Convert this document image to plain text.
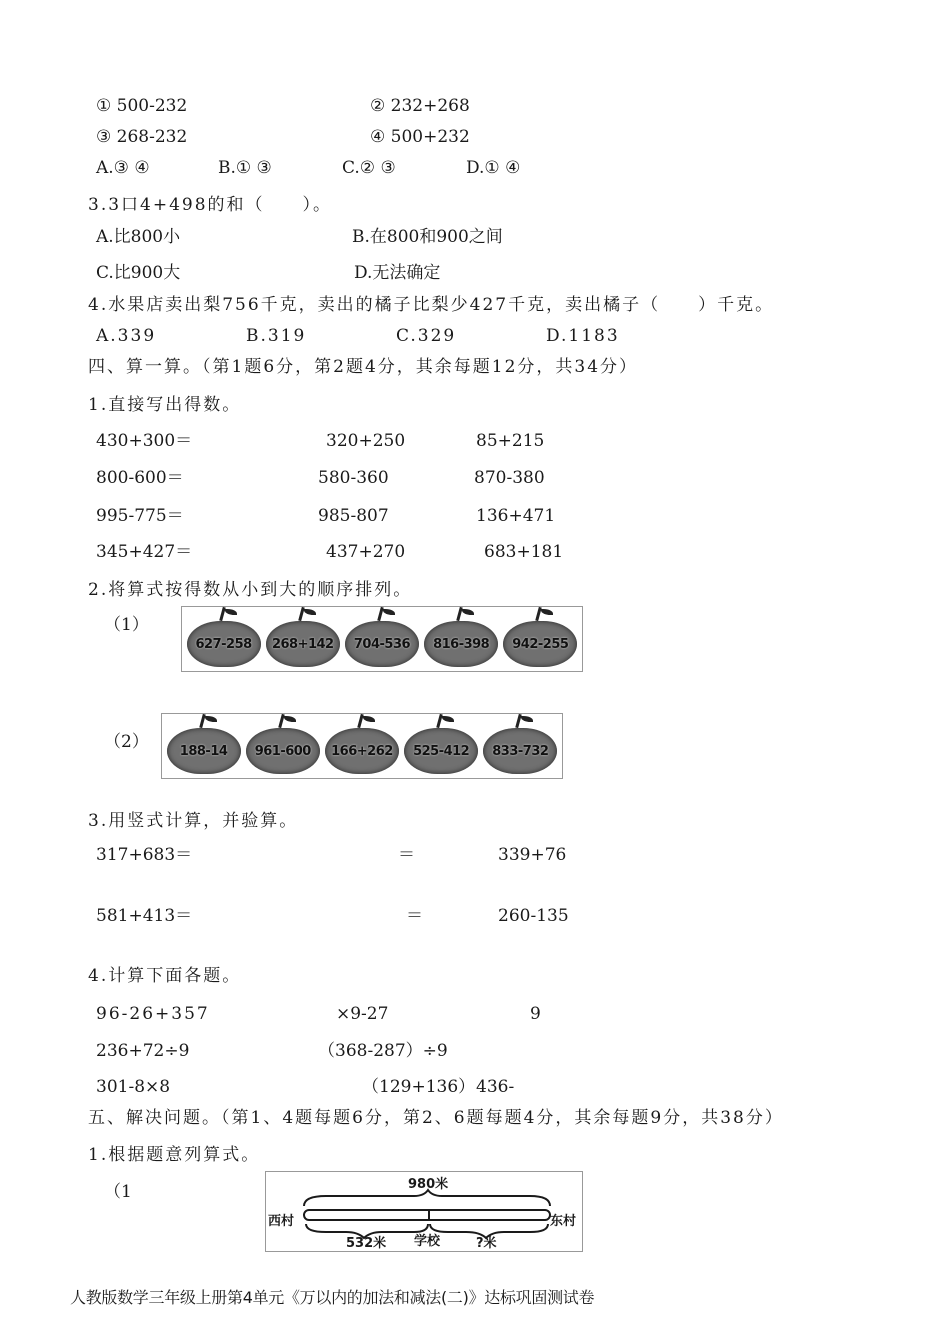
① 500-232	② 232+268
③ 268-232	④ 500+232
A.③ ④	B.① ③	C.② ③	D.① ④
3.3口4+498的和（　　）。
A.比800小	B.在800和900之间
C.比900大	D.无法确定
4.水果店卖出梨756千克，卖出的橘子比梨少427千克，卖出橘子（　　）千克。
A.339	B.319	C.329	D.1183
四、算一算。（第1题6分，第2题4分，其余每题12分，共34分）
1.直接写出得数。
430+300＝	320+250	85+215
800-600＝	580-360	870-380
995-775＝	985-807	136+471
345+427＝	437+270	683+181
2.将算式按得数从小到大的顺序排列。
（1）
627-258 268+142 704-536 816-398 942-255
（2） 188-14 961-600 166+262 525-412 833-732
3.用竖式计算，并验算。
317+683＝	＝	339+76
581+413＝	＝	260-135
4.计算下面各题。
96-26+357	×9-27	9
236+72÷9	（368-287）÷9
301-8×8	（129+136） 436-
五、解决问题。（第1、4题每题6分，第2、6题每题4分，其余每题9分，共38分）
1.根据题意列算式。
（1	980米
西村	东村
532米 学校	?米
人教版数学三年级上册第4单元《万以内的加法和减法(二)》达标巩固测试卷
